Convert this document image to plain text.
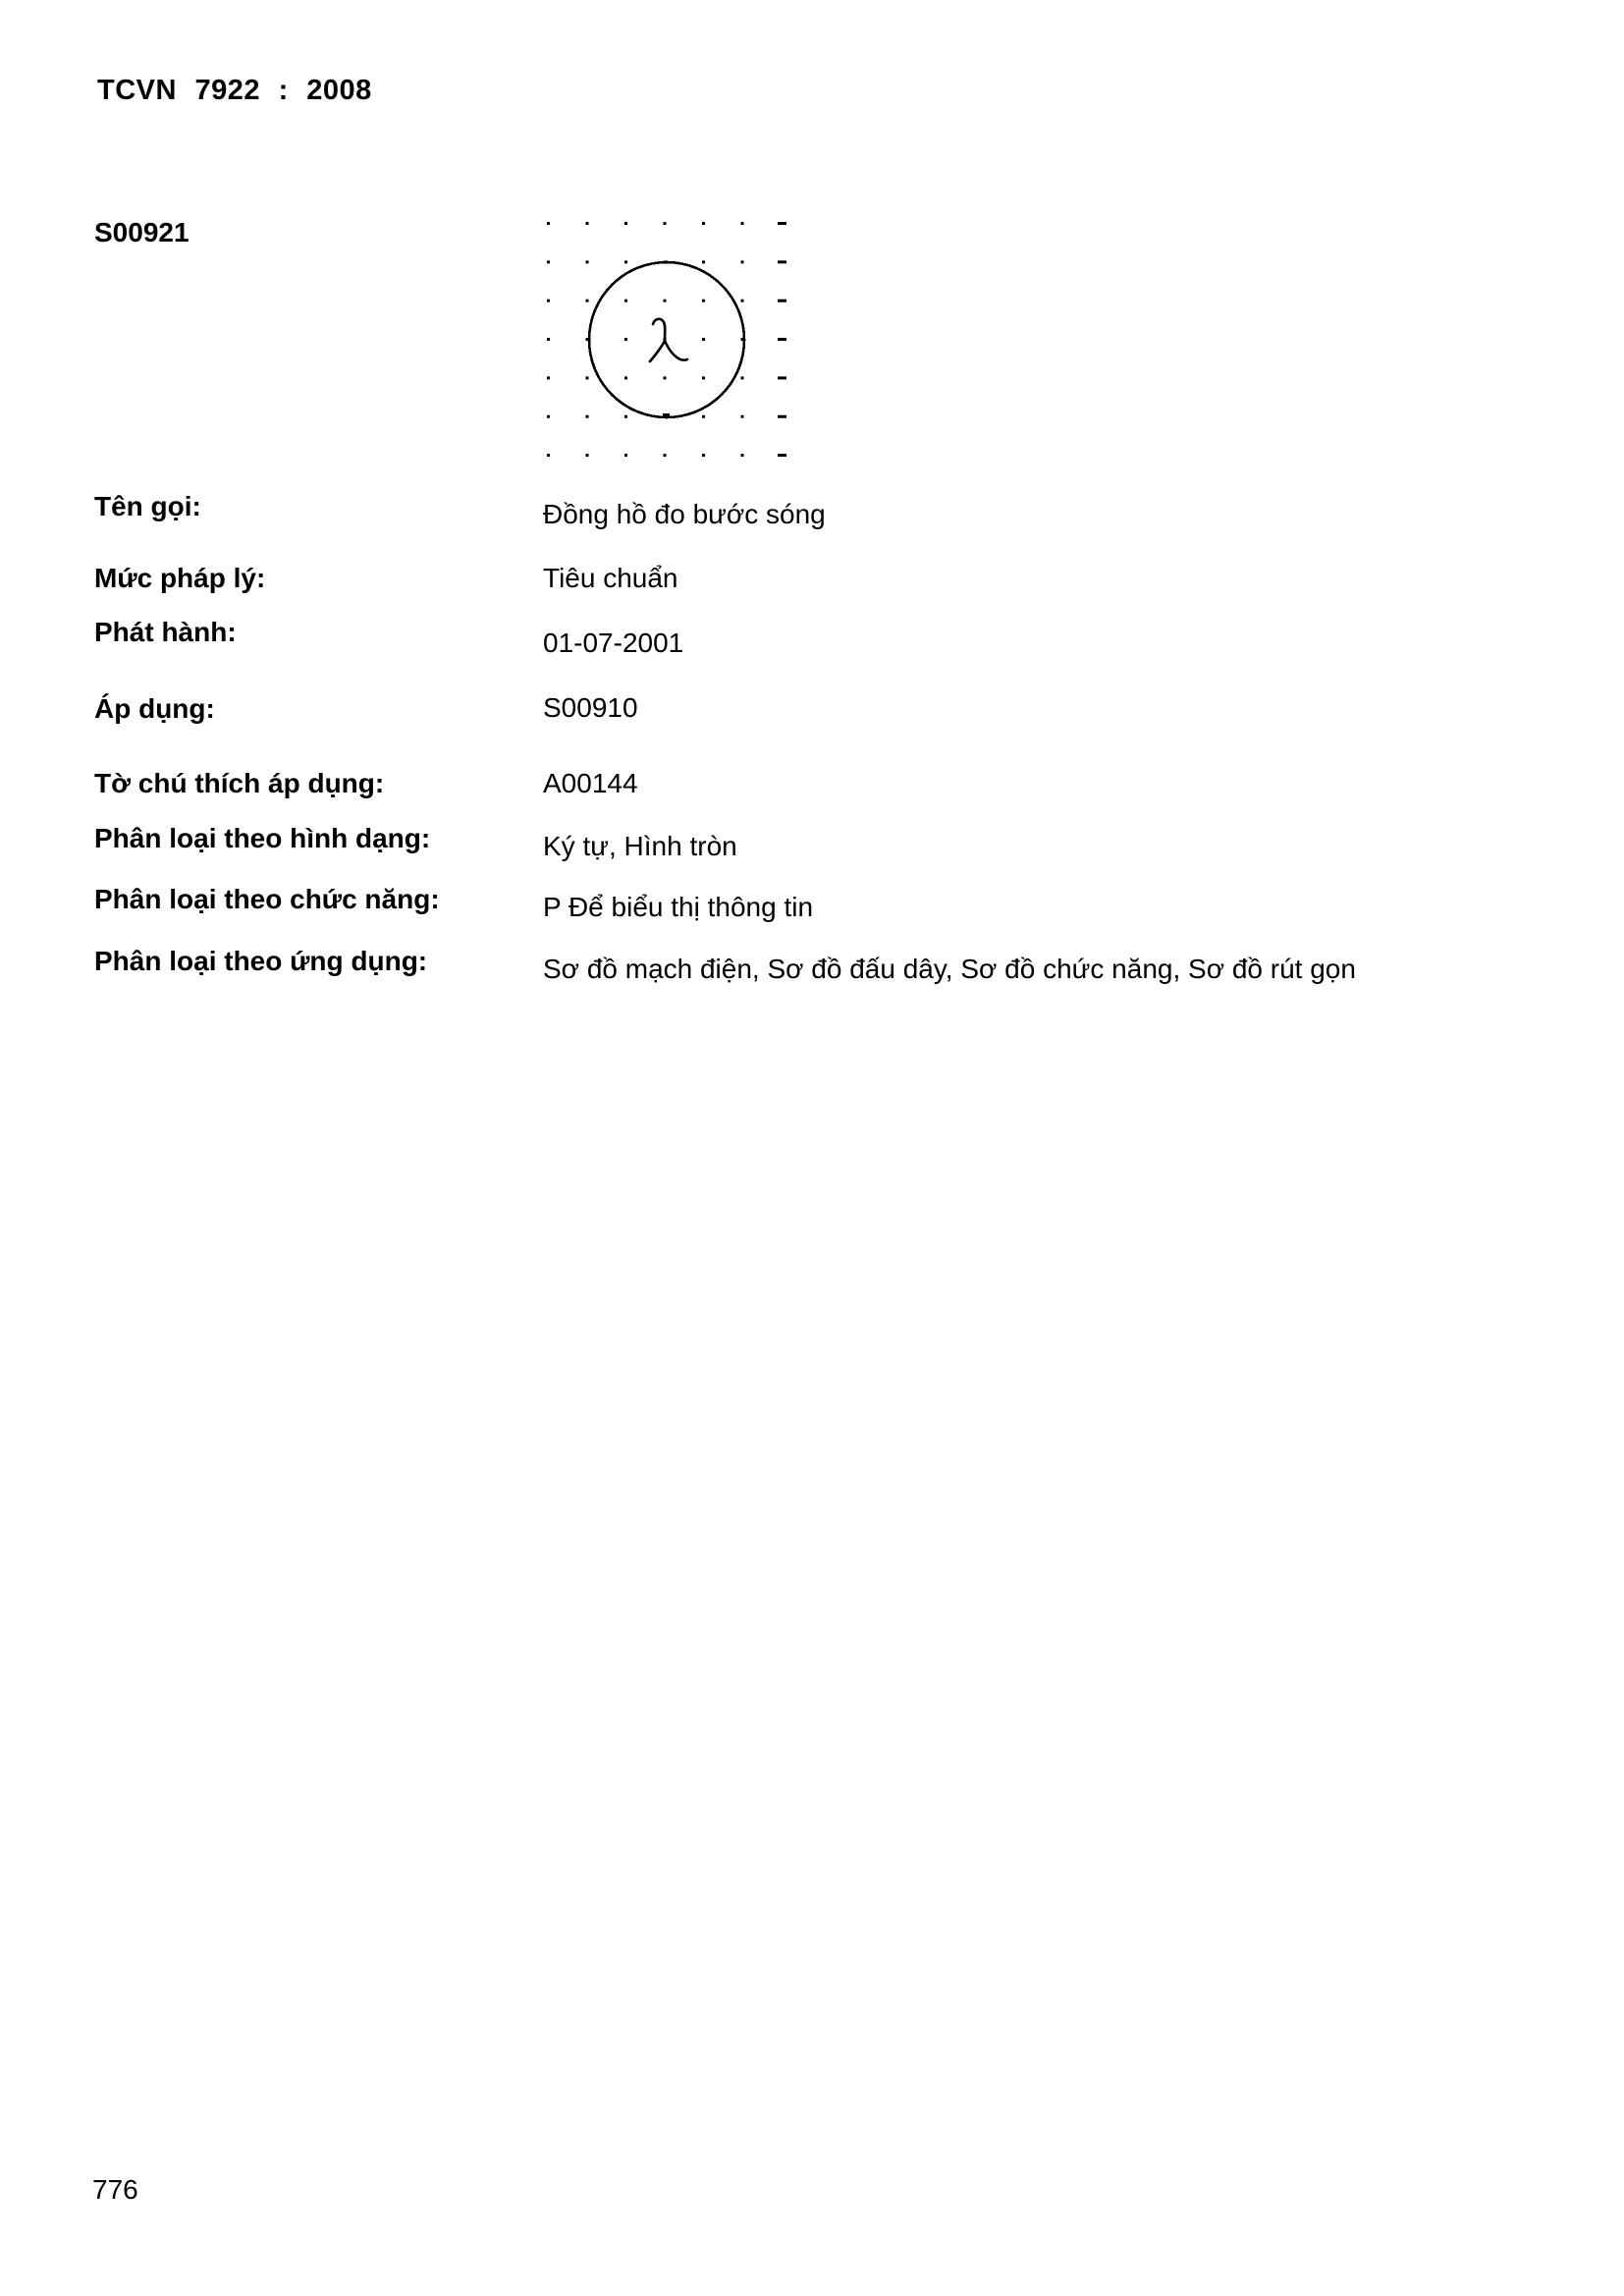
TCVN 7922 : 2008
S00921
Tên gọi:	Đồng hồ đo bước sóng
Mức pháp lý:	Tiêu chuẩn
Phát hành:	01-07-2001
Áp dụng:	S00910
Tờ chú thích áp dụng:	A00144
Phân loại theo hình dạng:	Ký tự, Hình tròn
Phân loại theo chức năng:	P Để biểu thị thông tin
Phân loại theo ứng dụng:	Sơ đồ mạch điện, Sơ đồ đấu dây, Sơ đồ chức năng, Sơ đồ rút gọn
776
